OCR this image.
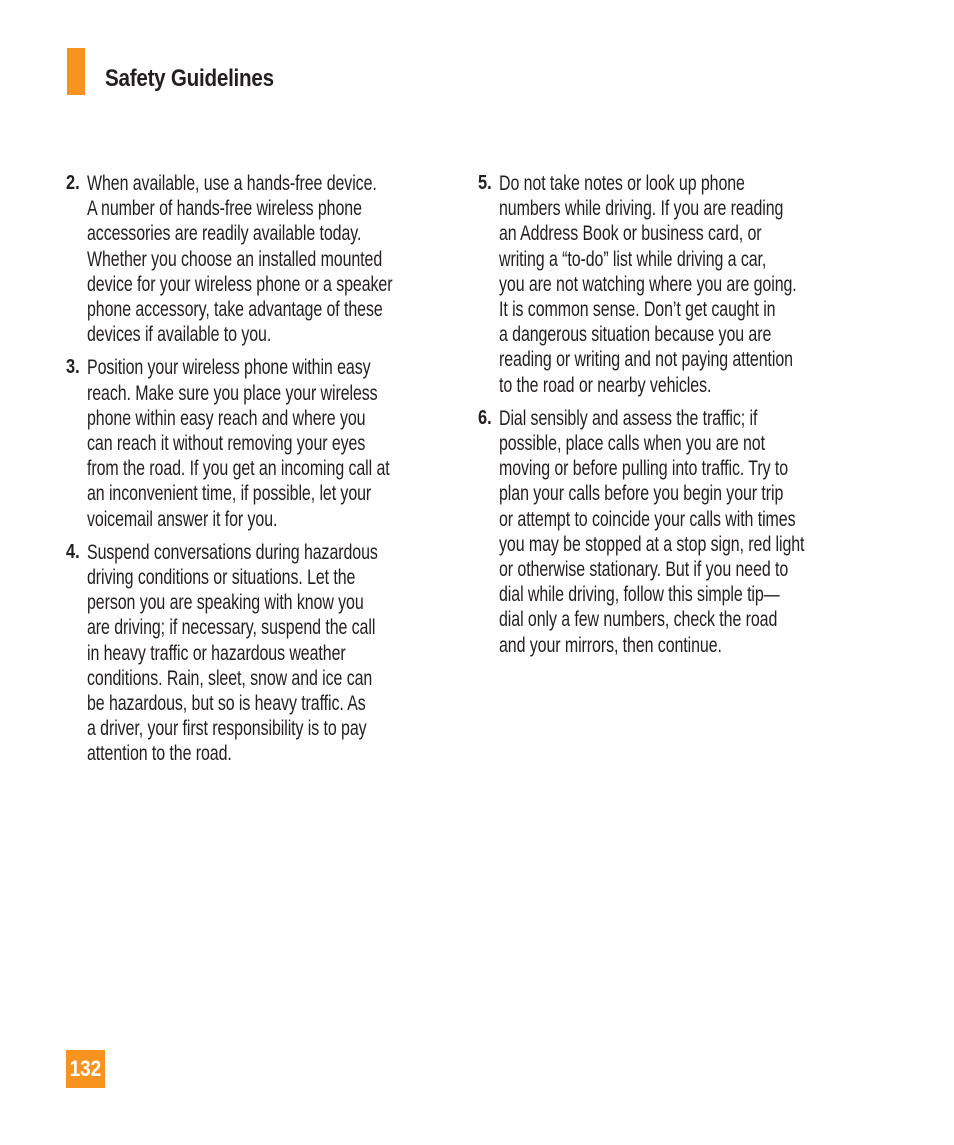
Safety Guidelines
2. When available, use a hands-free device.
A number of hands-free wireless phone
accessories are readily available today.
Whether you choose an installed mounted
device for your wireless phone or a speaker
phone accessory, take advantage of these
devices if available to you.
3. Position your wireless phone within easy
reach. Make sure you place your wireless
phone within easy reach and where you
can reach it without removing your eyes
from the road. If you get an incoming call at
an inconvenient time, if possible, let your
voicemail answer it for you.
4. Suspend conversations during hazardous
driving conditions or situations. Let the
person you are speaking with know you
are driving; if necessary, suspend the call
in heavy traffic or hazardous weather
conditions. Rain, sleet, snow and ice can
be hazardous, but so is heavy traffic. As
a driver, your first responsibility is to pay
attention to the road.
5. Do not take notes or look up phone
numbers while driving. If you are reading
an Address Book or business card, or
writing a “to-do” list while driving a car,
you are not watching where you are going.
It is common sense. Don’t get caught in
a dangerous situation because you are
reading or writing and not paying attention
to the road or nearby vehicles.
6. Dial sensibly and assess the traffic; if
possible, place calls when you are not
moving or before pulling into traffic. Try to
plan your calls before you begin your trip
or attempt to coincide your calls with times
you may be stopped at a stop sign, red light
or otherwise stationary. But if you need to
dial while driving, follow this simple tip—
dial only a few numbers, check the road
and your mirrors, then continue.
132
